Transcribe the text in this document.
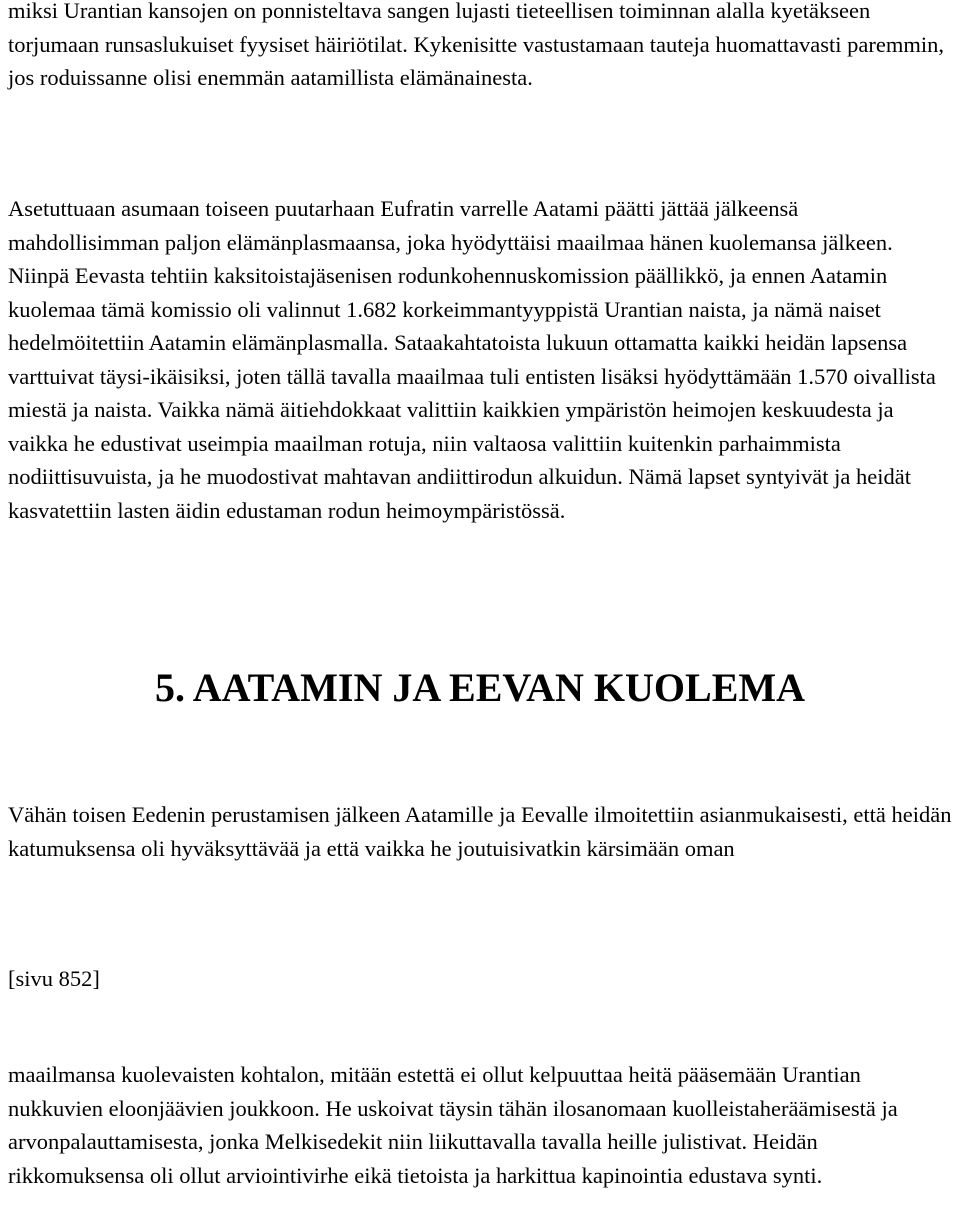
miksi Urantian kansojen on ponnisteltava sangen lujasti tieteellisen toiminnan alalla kyetäkseen torjumaan runsaslukuiset fyysiset häiriötilat. Kykenisitte vastustamaan tauteja huomattavasti paremmin, jos roduissanne olisi enemmän aatamillista elämänainesta.

Asetuttuaan asumaan toiseen puutarhaan Eufratin varrelle Aatami päätti jättää jälkeensä mahdollisimman paljon elämänplasmaansa, joka hyödyttäisi maailmaa hänen kuolemansa jälkeen. Niinpä Eevasta tehtiin kaksitoistajäsenisen rodunkohennuskomission päällikkö, ja ennen Aatamin kuolemaa tämä komissio oli valinnut 1.682 korkeimmantyyppistä Urantian naista, ja nämä naiset hedelmöitettiin Aatamin elämänplasmalla. Sataakahtatoista lukuun ottamatta kaikki heidän lapsensa varttuivat täysi-ikäisiksi, joten tällä tavalla maailmaa tuli entisten lisäksi hyödyttämään 1.570 oivallista miestä ja naista. Vaikka nämä äitiehdokkaat valittiin kaikkien ympäristön heimojen keskuudesta ja vaikka he edustivat useimpia maailman rotuja, niin valtaosa valittiin kuitenkin parhaimmista nodiittisuvuista, ja he muodostivat mahtavan andiittirodun alkuidun. Nämä lapset syntyivät ja heidät kasvatettiin lasten äidin edustaman rodun heimoympäristössä.

5. AATAMIN JA EEVAN KUOLEMA

Vähän toisen Eedenin perustamisen jälkeen Aatamille ja Eevalle ilmoitettiin asianmukaisesti, että heidän katumuksensa oli hyväksyttävää ja että vaikka he joutuisivatkin kärsimään oman

[sivu 852]

maailmansa kuolevaisten kohtalon, mitään estettä ei ollut kelpuuttaa heitä pääsemään Urantian nukkuvien eloonjäävien joukkoon. He uskoivat täysin tähän ilosanomaan kuolleistaheräämisestä ja arvonpalauttamisesta, jonka Melkisedekit niin liikuttavalla tavalla heille julistivat. Heidän rikkomuksensa oli ollut arviointivirhe eikä tietoista ja harkittua kapinointia edustava synti.
